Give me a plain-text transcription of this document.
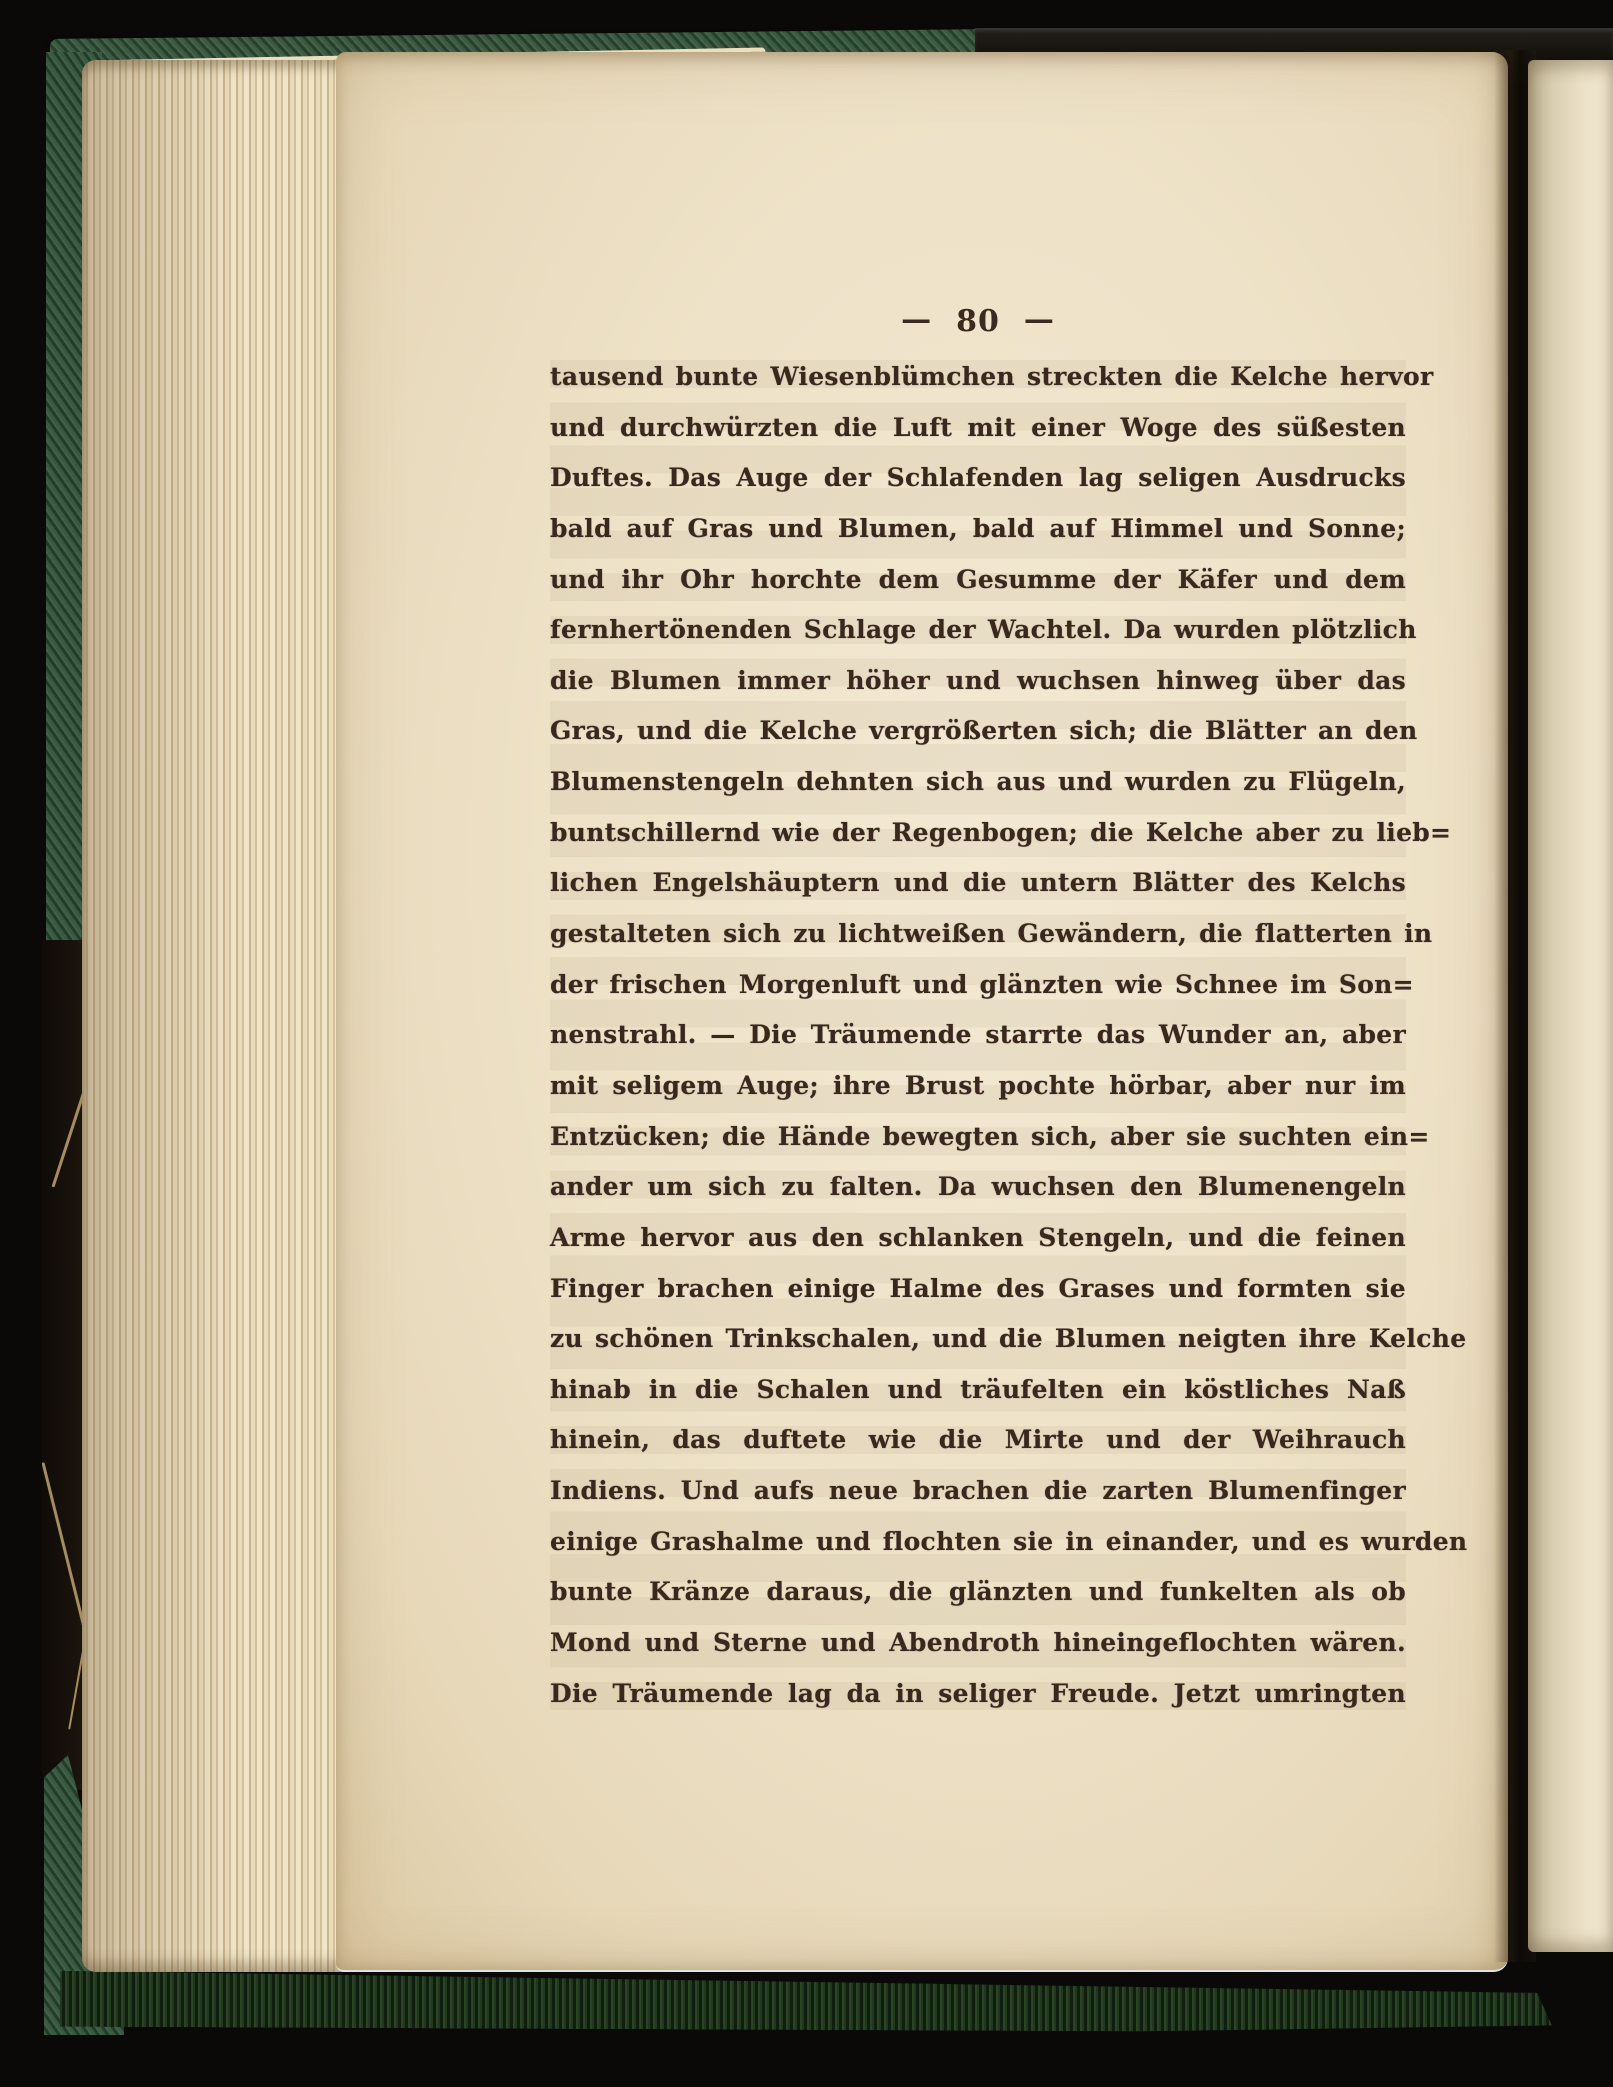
— 80 —
tausend bunte Wiesenblümchen streckten die Kelche hervor
und durchwürzten die Luft mit einer Woge des süßesten
Duftes. Das Auge der Schlafenden lag seligen Ausdrucks
bald auf Gras und Blumen, bald auf Himmel und Sonne;
und ihr Ohr horchte dem Gesumme der Käfer und dem
fernhertönenden Schlage der Wachtel. Da wurden plötzlich
die Blumen immer höher und wuchsen hinweg über das
Gras, und die Kelche vergrößerten sich; die Blätter an den
Blumenstengeln dehnten sich aus und wurden zu Flügeln,
buntschillernd wie der Regenbogen; die Kelche aber zu lieb=
lichen Engelshäuptern und die untern Blätter des Kelchs
gestalteten sich zu lichtweißen Gewändern, die flatterten in
der frischen Morgenluft und glänzten wie Schnee im Son=
nenstrahl. — Die Träumende starrte das Wunder an, aber
mit seligem Auge; ihre Brust pochte hörbar, aber nur im
Entzücken; die Hände bewegten sich, aber sie suchten ein=
ander um sich zu falten. Da wuchsen den Blumenengeln
Arme hervor aus den schlanken Stengeln, und die feinen
Finger brachen einige Halme des Grases und formten sie
zu schönen Trinkschalen, und die Blumen neigten ihre Kelche
hinab in die Schalen und träufelten ein köstliches Naß
hinein, das duftete wie die Mirte und der Weihrauch
Indiens. Und aufs neue brachen die zarten Blumenfinger
einige Grashalme und flochten sie in einander, und es wurden
bunte Kränze daraus, die glänzten und funkelten als ob
Mond und Sterne und Abendroth hineingeflochten wären.
Die Träumende lag da in seliger Freude. Jetzt umringten
